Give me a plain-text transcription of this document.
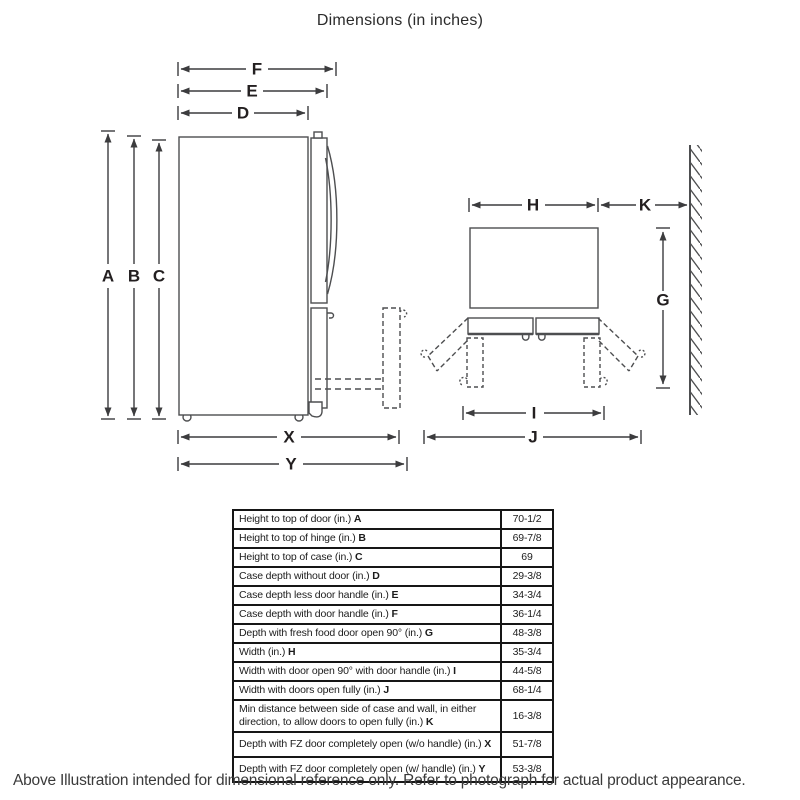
Dimensions (in inches)
F
E
D
A B C
X
Y
H	K
G
I
J
Height to top of door (in.) A	70-1/2
Height to top of hinge (in.) B	69-7/8
Height to top of case (in.) C	69
Case depth without door (in.) D	29-3/8
Case depth less door handle (in.) E	34-3/4
Case depth with door handle (in.) F	36-1/4
Depth with fresh food door open 90° (in.) G	48-3/8
Width (in.) H	35-3/4
Width with door open 90° with door handle (in.) I	44-5/8
Width with doors open fully (in.) J	68-1/4
Min distance between side of case and wall, in either direction, to allow doors to open fully (in.) K	16-3/8
Depth with FZ door completely open (w/o handle) (in.) X	51-7/8
Depth with FZ door completely open (w/ handle) (in.) Y	53-3/8
Above Illustration intended for dimensional reference only. Refer to photograph for actual product appearance.
